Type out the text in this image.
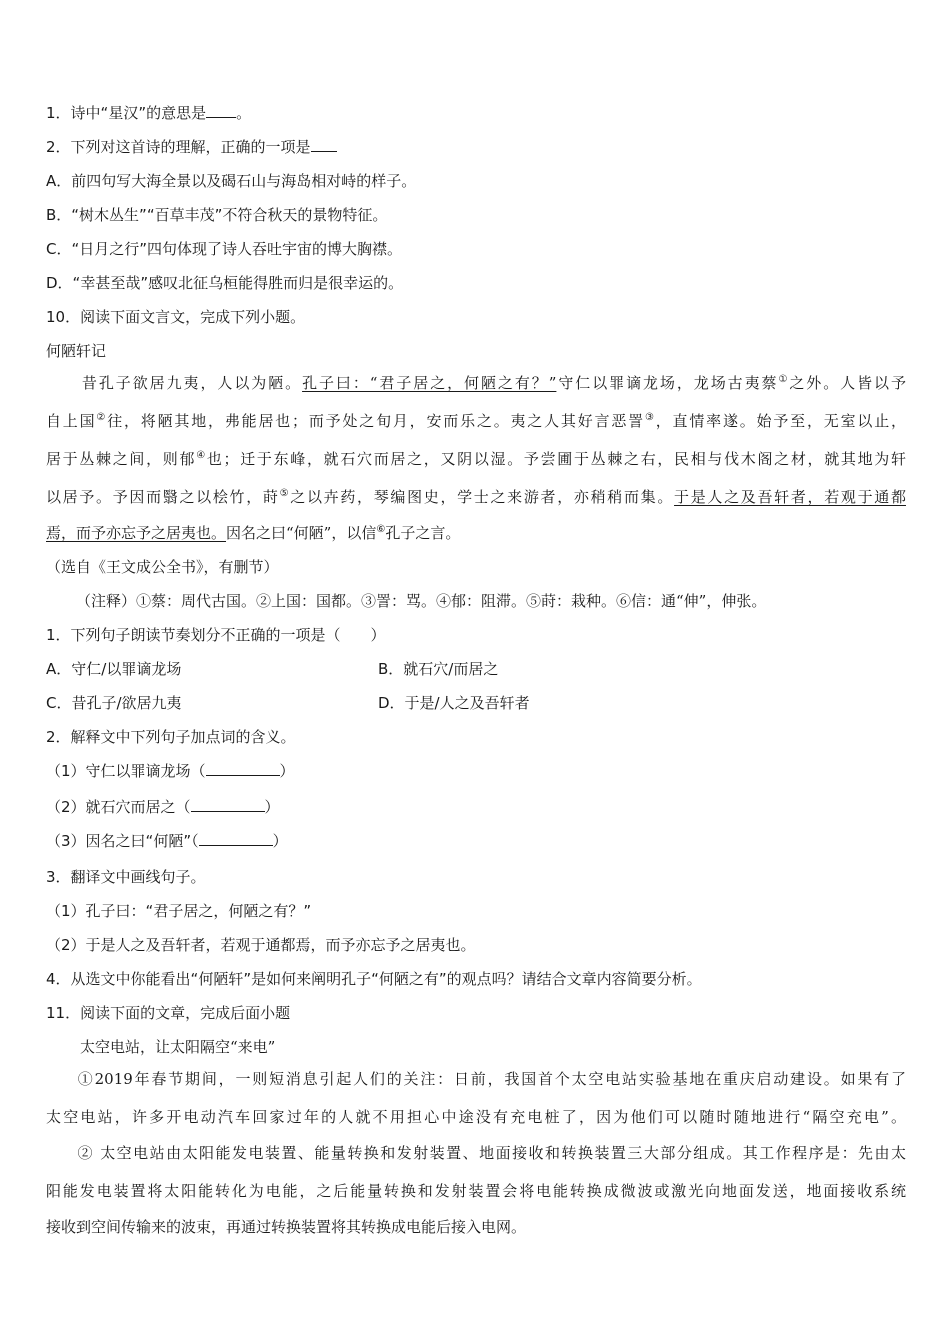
1．诗中“星汉”的意思是 。
2．下列对这首诗的理解，正确的一项是
A．前四句写大海全景以及碣石山与海岛相对峙的样子。
B．“树木丛生”“百草丰茂”不符合秋天的景物特征。
C．“日月之行”四句体现了诗人吞吐宇宙的博大胸襟。
D．“幸甚至哉”感叹北征乌桓能得胜而归是很幸运的。
10．阅读下面文言文，完成下列小题。
何陋轩记
昔孔子欲居九夷，人以为陋。孔子曰：“君子居之，何陋之有？”守仁以罪谪龙场，龙场古夷蔡①之外。人皆以予
自上国②往，将陋其地，弗能居也；而予处之旬月，安而乐之。夷之人其好言恶詈③，直情率遂。始予至，无室以止，
居于丛棘之间，则郁④也；迁于东峰，就石穴而居之，又阴以湿。予尝圃于丛棘之右，民相与伐木阁之材，就其地为轩
以居予。予因而翳之以桧竹，莳⑤之以卉药，琴编图史，学士之来游者，亦稍稍而集。于是人之及吾轩者，若观于通都
焉，而予亦忘予之居夷也。因名之曰“何陋”，以信⑥孔子之言。
（选自《王文成公全书》，有删节）
（注释）①蔡：周代古国。②上国：国都。③詈：骂。④郁：阻滞。⑤莳：栽种。⑥信：通“伸”，伸张。
1．下列句子朗读节奏划分不正确的一项是（　　）
A．守仁/以罪谪龙场	B．就石穴/而居之
C．昔孔子/欲居九夷	D．于是/人之及吾轩者
2．解释文中下列句子加点词的含义。
（1）守仁以罪谪龙场（	）
（2）就石穴而居之（	）
（3）因名之曰“何陋”（	）
3．翻译文中画线句子。
（1）孔子曰：“君子居之，何陋之有？”
（2）于是人之及吾轩者，若观于通都焉，而予亦忘予之居夷也。
4．从选文中你能看出“何陋轩”是如何来阐明孔子“何陋之有”的观点吗？请结合文章内容简要分析。
11．阅读下面的文章，完成后面小题
太空电站，让太阳隔空“来电”
①2019年春节期间，一则短消息引起人们的关注：日前，我国首个太空电站实验基地在重庆启动建设。如果有了
太空电站，许多开电动汽车回家过年的人就不用担心中途没有充电桩了，因为他们可以随时随地进行“隔空充电”。
② 太空电站由太阳能发电装置、能量转换和发射装置、地面接收和转换装置三大部分组成。其工作程序是：先由太
阳能发电装置将太阳能转化为电能，之后能量转换和发射装置会将电能转换成微波或激光向地面发送，地面接收系统
接收到空间传输来的波束，再通过转换装置将其转换成电能后接入电网。
